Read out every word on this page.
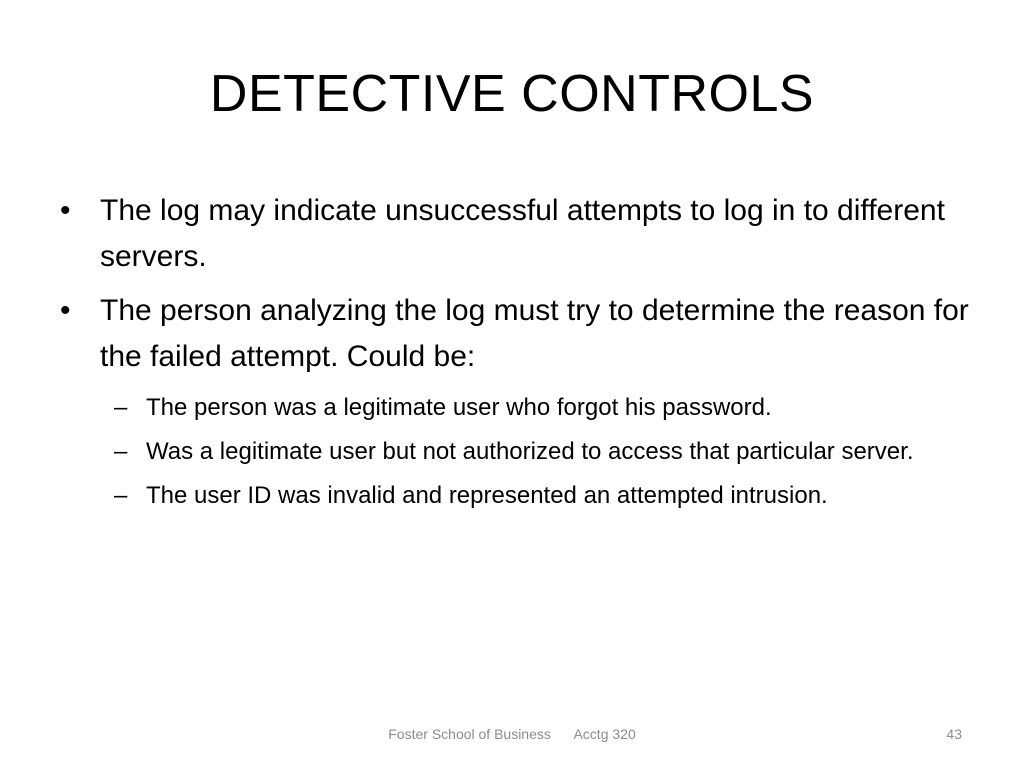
DETECTIVE CONTROLS
• The log may indicate unsuccessful attempts to log in to different servers.
• The person analyzing the log must try to determine the reason for the failed attempt. Could be:
– The person was a legitimate user who forgot his password.
– Was a legitimate user but not authorized to access that particular server.
– The user ID was invalid and represented an attempted intrusion.
Foster School of Business Acctg 320	43
